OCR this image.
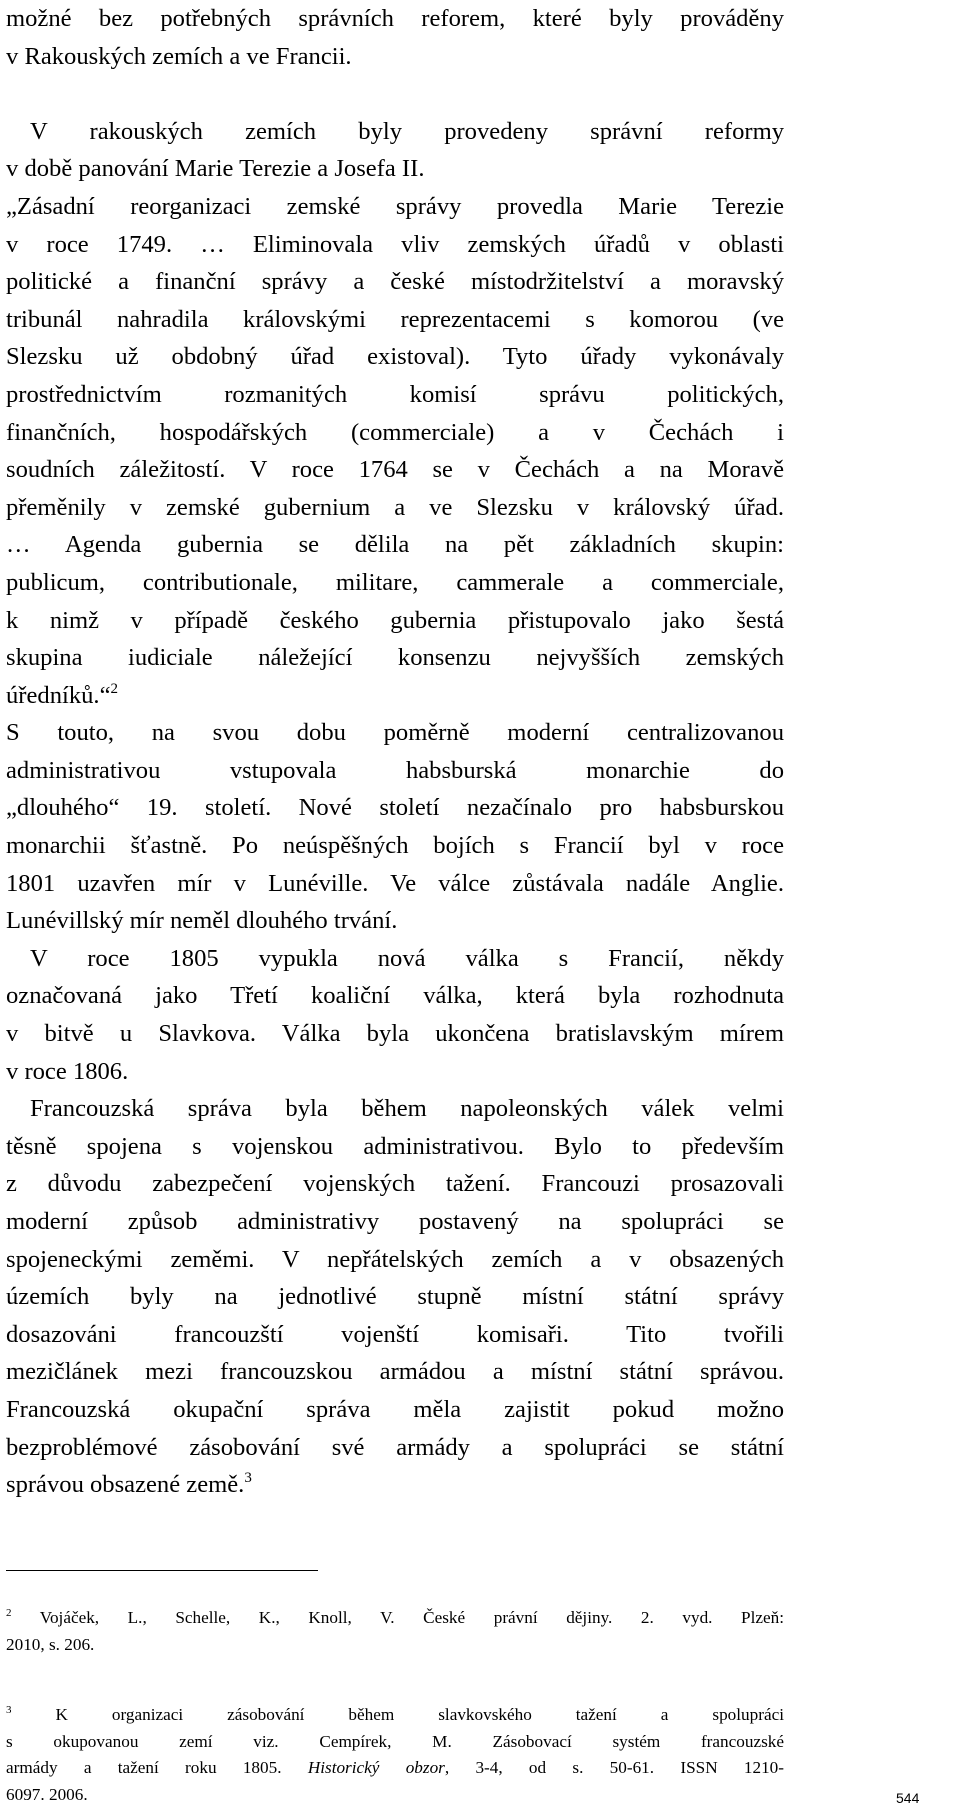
možné bez potřebných správních reforem, které byly prováděny
v Rakouských zemích a ve Francii.
V rakouských zemích byly provedeny správní reformy
v době panování Marie Terezie a Josefa II.
„Zásadní reorganizaci zemské správy provedla Marie Terezie
v roce 1749. … Eliminovala vliv zemských úřadů v oblasti
politické a finanční správy a české místodržitelství a moravský
tribunál nahradila královskými reprezentacemi s komorou (ve
Slezsku už obdobný úřad existoval). Tyto úřady vykonávaly
prostřednictvím rozmanitých komisí správu politických,
finančních, hospodářských (commerciale) a v Čechách i
soudních záležitostí. V roce 1764 se v Čechách a na Moravě
přeměnily v zemské gubernium a ve Slezsku v královský úřad.
… Agenda gubernia se dělila na pět základních skupin:
publicum, contributionale, militare, cammerale a commerciale,
k nimž v případě českého gubernia přistupovalo jako šestá
skupina iudiciale náležející konsenzu nejvyšších zemských
úředníků.“$^2$
S touto, na svou dobu poměrně moderní centralizovanou
administrativou vstupovala habsburská monarchie do
„dlouhého“ 19. století. Nové století nezačínalo pro habsburskou
monarchii šťastně. Po neúspěšných bojích s Francií byl v roce
1801 uzavřen mír v Lunéville. Ve válce zůstávala nadále Anglie.
Lunévillský mír neměl dlouhého trvání.
V roce 1805 vypukla nová válka s Francií, někdy
označovaná jako Třetí koaliční válka, která byla rozhodnuta
v bitvě u Slavkova. Válka byla ukončena bratislavským mírem
v roce 1806.
Francouzská správa byla během napoleonských válek velmi
těsně spojena s vojenskou administrativou. Bylo to především
z důvodu zabezpečení vojenských tažení. Francouzi prosazovali
moderní způsob administrativy postavený na spolupráci se
spojeneckými zeměmi. V nepřátelských zemích a v obsazených
územích byly na jednotlivé stupně místní státní správy
dosazováni francouzští vojenští komisaři. Tito tvořili
mezičlánek mezi francouzskou armádou a místní státní správou.
Francouzská okupační správa měla zajistit pokud možno
bezproblémové zásobování své armády a spolupráci se státní
správou obsazené země.$^3$
$^2$ Vojáček, L., Schelle, K., Knoll, V. České právní dějiny. 2. vyd. Plzeň:
2010, s. 206.
$^3$	K organizaci zásobování během slavkovského tažení a spolupráci
s okupovanou zemí viz. Cempírek, M. Zásobovací systém francouzské
armády a tažení roku 1805. Historický obzor, 3-4, od s. 50-61. ISSN 1210-
6097. 2006.	544
